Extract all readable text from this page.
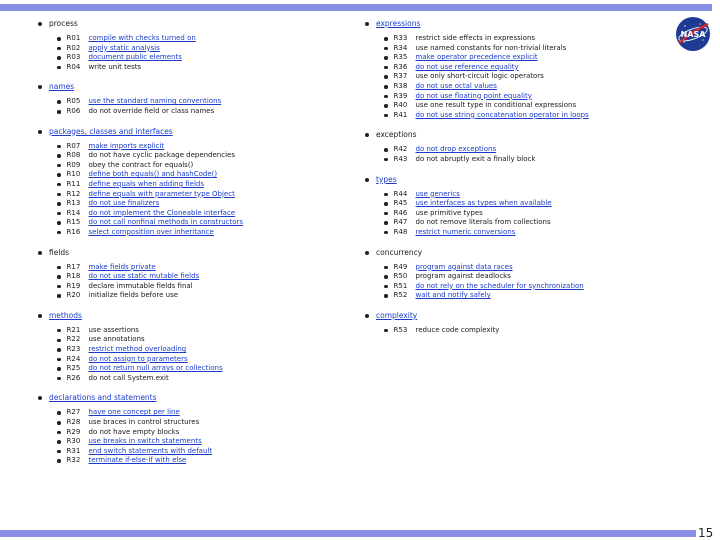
process
R01	compile with checks turned on
R02	apply static analysis
R03	document public elements
R04	write unit tests
names
R05	use the standard naming conventions
R06	do not override field or class names
packages, classes and interfaces
R07	make imports explicit
R08	do not have cyclic package dependencies
R09	obey the contract for equals()
R10	define both equals() and hashCode()
R11	define equals when adding fields
R12	define equals with parameter type Object
R13	do not use finalizers
R14	do not implement the Cloneable interface
R15	do not call nonfinal methods in constructors
R16	select composition over inheritance
fields
R17	make fields private
R18	do not use static mutable fields
R19	declare immutable fields final
R20	initialize fields before use
methods
R21	use assertions
R22	use annotations
R23	restrict method overloading
R24	do not assign to parameters
R25	do not return null arrays or collections
R26	do not call System.exit
declarations and statements
R27	have one concept per line
R28	use braces in control structures
R29	do not have empty blocks
R30	use breaks in switch statements
R31	end switch statements with default
R32	terminate if-else-if with else
expressions
R33	restrict side effects in expressions
R34	use named constants for non-trivial literals
R35	make operator precedence explicit
R36	do not use reference equality
R37	use only short-circuit logic operators
R38	do not use octal values
R39	do not use floating point equality
R40	use one result type in conditional expressions
R41	do not use string concatenation operator in loops
exceptions
R42	do not drop exceptions
R43	do not abruptly exit a finally block
types
R44	use generics
R45	use interfaces as types when available
R46	use primitive types
R47	do not remove literals from collections
R48	restrict numeric conversions
concurrency
R49	program against data races
R50	program against deadlocks
R51	do not rely on the scheduler for synchronization
R52	wait and notify safely
complexity
R53	reduce code complexity
NASA
15
